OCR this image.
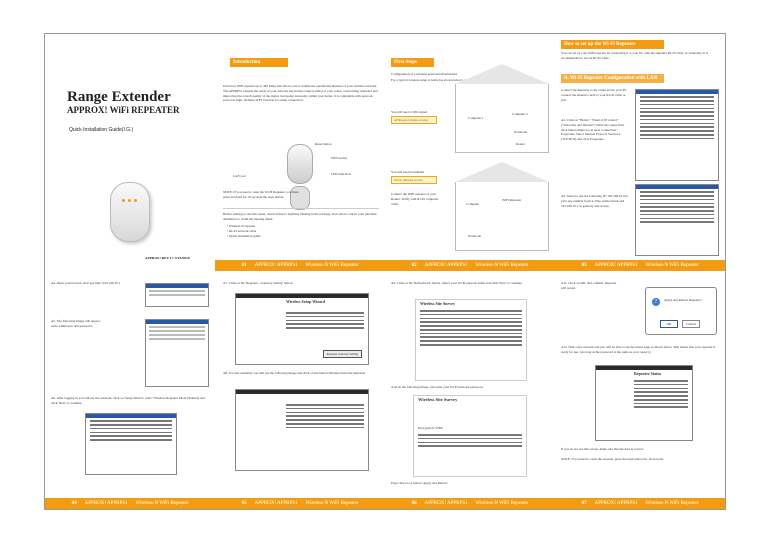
Range Extender
APPROX! WiFi REPEATER
Quick Installation Guide(I.G.)
APPROX! REV.1.1 XTAN020
Introduction
Universal WiFi repeater up to 300 Mbps that allows you to double the operational distance of your wireless network. The APPRPS1 extends the reach of your network beyond the range (radius) of your router, overcoming obstacles and improving the overall quality of the signal, increasing autonomy within your home. It is compatible with network protocols high. Includes WPS function for easier connection.
LAN port
Reset button
WPS button
LED indicators
NOTE: If you need to reset the Wi-Fi Repeater, you must press and hold for 10 seconds the reset button.
Before starting to use this router, check if there's anything missing in the package, and contact contact your purchase distributor to claim the missing items:
• Wireless-N repeater
• RJ-45 network cable
• Quick installation guide
01 APPROX! APPRPS1 Wireless-N WiFi Repeater
First Steps
Configuration of a wireless network infrastructure
For a typical wireless setup at home (as shown below), do the following:
You will need a Wifi signal
AP/Router (wireless access)	Computer 1
Computer 2
Notebook
Router
You will need broadband
Router (Internet access)
Connect the WiFi repeater of your Router. Verify with RJ-45 computer cable.
WiFi Repeater
Computer
Notebook
02 APPROX! APPRPS1 Wireless-N WiFi Repeater
How to set up the Wi-Fi Repeater
You can set up your WiFi repeater by connecting it to your PC with the supplied RJ-45 cable, or wirelessly. It is recommended to use an RJ-45 cable.
A. Wi-Fi Repeater Configuration with LAN
Connect the Repeater to the outlet and in your PC, connect the ethernet cable to your RJ-45 cable or port.
A2. Click on "Home", "Panel of IP control" ("Networks and Internet") Network connections click button Right Local Area Connection" Properties, Select Internet Protocol Version 4 (TCP/IPv4) and click Properties.
A3. Select to use the following IP: 192.168.10.xxx (xxx any number from 2-254), subnet mask and 192.168.10.1 as gateway and accept.
03 APPROX! APPRPS1 Wireless-N WiFi Repeater
A4. Open your browser and type http://192.168.10.1
A5. The following image will appear, write admin user and password.
A6. After logging in you will see the assistant, click on 'Setup Wizard', select 'Wireless Repeater Mode (Station)' and click 'Next' to continue.
04 APPROX! APPRPS1 Wireless-N WiFi Repeater
A7. Click on the 'Repeater - Gateway Setting' button
Wireless Setup Wizard
Repeater Gateway Setting
A8. It is this assembly you will see the following image and click on the button Wireless Network Selection
05 APPROX! APPRPS1 Wireless-N WiFi Repeater
A9. Click on the 'Refresh List' button. Select your Wi-Fi network name and click 'Next' to continue.
Wireless Site Survey
A10. In the following image, just enter your Wi-Fi network password.
Wireless Site Survey
Encryption: WPA
Page click on of button 'Apply and Reboot'
06 APPROX! APPRPS1 Wireless-N WiFi Repeater
A11. Click on 'OK' and confirm. Repeater will restart.
?	Apply and Reboot Repeater?
OK	Cancel
A12. Wait a few seconds and you will be able to see the status page as shown below. This means that your repeater is ready for use. (As long as the password is the same as your router's)
Repeater Status
If you do not see this screen, make sure that the data is correct.
NOTE: If you need to reset the repeater, press the reset button for 10 seconds.
07 APPROX! APPRPS1 Wireless-N WiFi Repeater
